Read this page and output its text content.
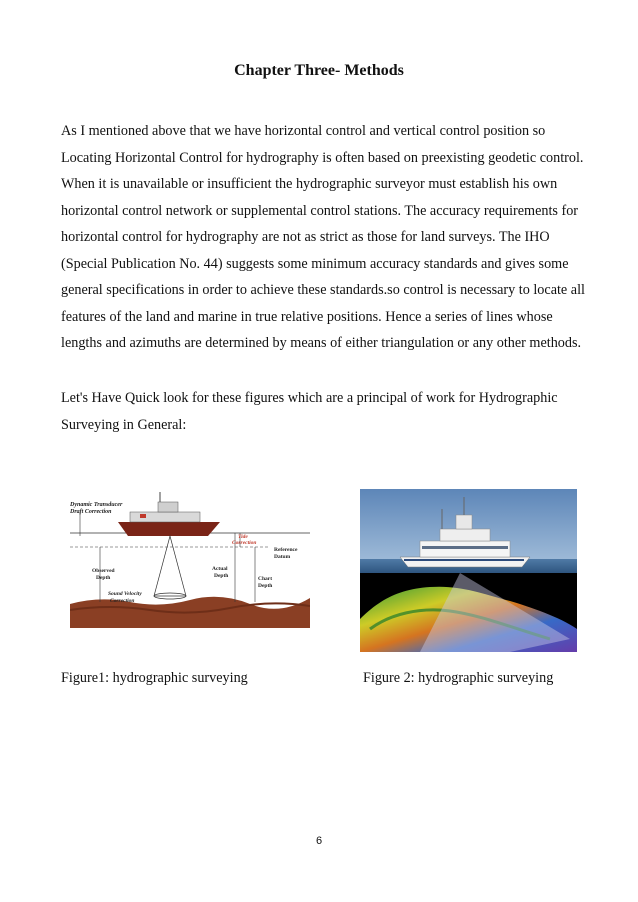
Chapter Three- Methods

As I mentioned above that we have horizontal control and vertical control position so Locating Horizontal Control for hydrography is often based on preexisting geodetic control. When it is unavailable or insufficient the hydrographic surveyor must establish his own horizontal control network or supplemental control stations. The accuracy requirements for horizontal control for hydrography are not as strict as those for land surveys. The IHO (Special Publication No. 44) suggests some minimum accuracy standards and gives some general specifications in order to achieve these standards.so control is necessary to locate all features of the land and marine in true relative positions. Hence a series of lines whose lengths and azimuths are determined by means of either triangulation or any other methods.

Let's Have Quick look for these figures which are a principal of work for Hydrographic Surveying in General:

Dynamic Transducer
Draft Correction
Tide
Correction
Reference
Datum
Observed
Depth
Actual
Depth	Chart
Depth
Sound Velocity
Correction
Figure1: hydrographic surveying	Figure 2: hydrographic surveying
6
